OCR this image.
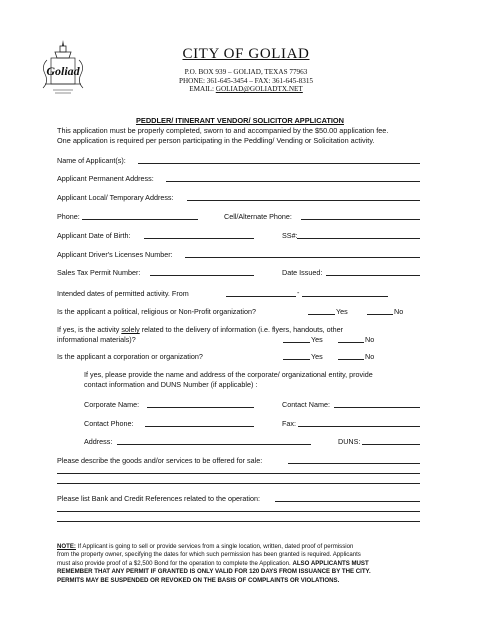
Goliad
CITY OF GOLIAD
P.O. BOX 939 – GOLIAD, TEXAS 77963
PHONE: 361-645-3454 – FAX: 361-645-8315
EMAIL: GOLIAD@GOLIADTX.NET
PEDDLER/ ITINERANT VENDOR/ SOLICITOR APPLICATION
This application must be properly completed, sworn to and accompanied by the $50.00 application fee.
One application is required per person participating in the Peddling/ Vending or Solicitation activity.
Name of Applicant(s):
Applicant Permanent Address:
Applicant Local/ Temporary Address:
Phone:	Cell/Alternate Phone:
Applicant Date of Birth:	SS#:
Applicant Driver's Licenses Number:
Sales Tax Permit Number:	Date Issued:
Intended dates of permitted activity. From	-
Is the applicant a political, religious or Non-Profit organization?	Yes	No
If yes, is the activity solely related to the delivery of information (i.e. flyers, handouts, other
informational materials)?	Yes	No
Is the applicant a corporation or organization?	Yes	No
If yes, please provide the name and address of the corporate/ organizational entity, provide
contact information and DUNS Number (if applicable) :
Corporate Name:	Contact Name:
Contact Phone:	Fax:
Address:	DUNS:
Please describe the goods and/or services to be offered for sale:
Please list Bank and Credit References related to the operation:
NOTE: If Applicant is going to sell or provide services from a single location, written, dated proof of permission
from the property owner, specifying the dates for which such permission has been granted is required. Applicants
must also provide proof of a $2,500 Bond for the operation to complete the Application. ALSO APPLICANTS MUST
REMEMBER THAT ANY PERMIT IF GRANTED IS ONLY VALID FOR 120 DAYS FROM ISSUANCE BY THE CITY.
PERMITS MAY BE SUSPENDED OR REVOKED ON THE BASIS OF COMPLAINTS OR VIOLATIONS.
